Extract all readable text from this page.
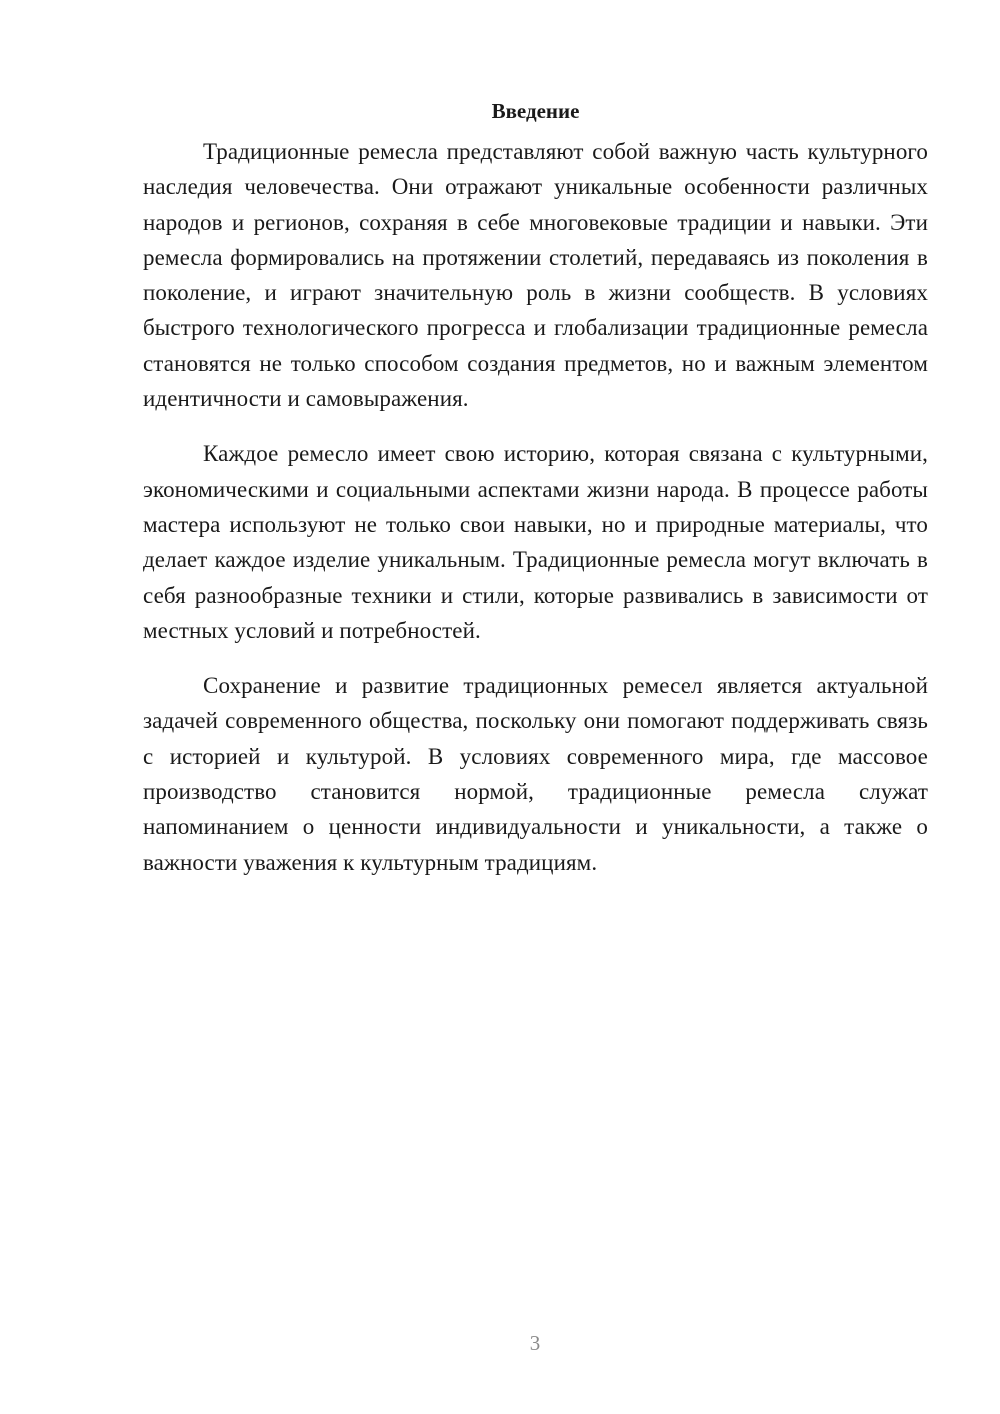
Введение

Традиционные ремесла представляют собой важную часть культурного наследия человечества. Они отражают уникальные особенности различных народов и регионов, сохраняя в себе многовековые традиции и навыки. Эти ремесла формировались на протяжении столетий, передаваясь из поколения в поколение, и играют значительную роль в жизни сообществ. В условиях быстрого технологического прогресса и глобализации традиционные ремесла становятся не только способом создания предметов, но и важным элементом идентичности и самовыражения.

Каждое ремесло имеет свою историю, которая связана с культурными, экономическими и социальными аспектами жизни народа. В процессе работы мастера используют не только свои навыки, но и природные материалы, что делает каждое изделие уникальным. Традиционные ремесла могут включать в себя разнообразные техники и стили, которые развивались в зависимости от местных условий и потребностей.

Сохранение и развитие традиционных ремесел является актуальной задачей современного общества, поскольку они помогают поддерживать связь с историей и культурой. В условиях современного мира, где массовое производство становится нормой, традиционные ремесла служат напоминанием о ценности индивидуальности и уникальности, а также о важности уважения к культурным традициям.

3
